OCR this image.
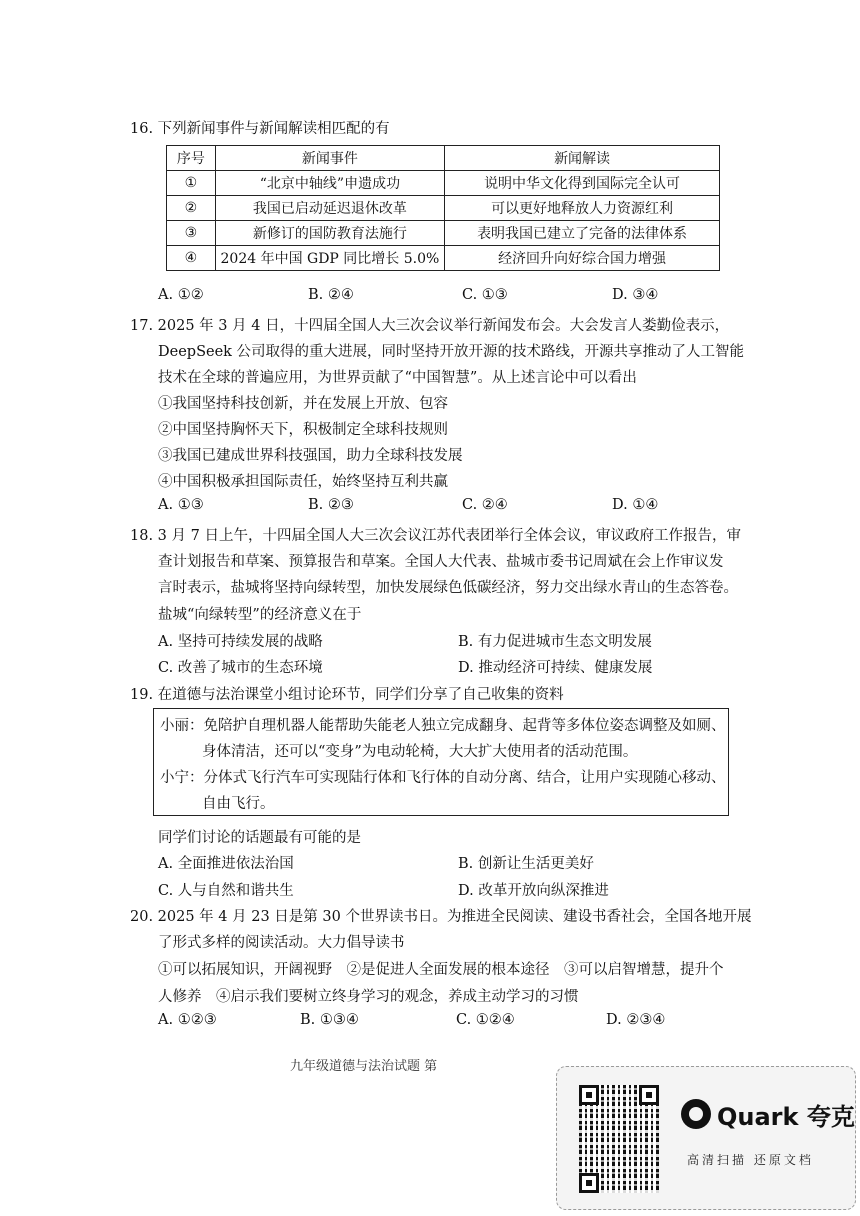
16. 下列新闻事件与新闻解读相匹配的有
序号	新闻事件	新闻解读
①	“北京中轴线”申遗成功	说明中华文化得到国际完全认可
②	我国已启动延迟退休改革	可以更好地释放人力资源红利
③	新修订的国防教育法施行	表明我国已建立了完备的法律体系
④	2024 年中国 GDP 同比增长 5.0%	经济回升向好综合国力增强
A. ①②	B. ②④	C. ①③	D. ③④
17. 2025 年 3 月 4 日，十四届全国人大三次会议举行新闻发布会。大会发言人娄勤俭表示，
DeepSeek 公司取得的重大进展，同时坚持开放开源的技术路线，开源共享推动了人工智能
技术在全球的普遍应用，为世界贡献了“中国智慧”。从上述言论中可以看出
①我国坚持科技创新，并在发展上开放、包容
②中国坚持胸怀天下，积极制定全球科技规则
③我国已建成世界科技强国，助力全球科技发展
④中国积极承担国际责任，始终坚持互利共赢
A. ①③	B. ②③	C. ②④	D. ①④
18. 3 月 7 日上午，十四届全国人大三次会议江苏代表团举行全体会议，审议政府工作报告，审
查计划报告和草案、预算报告和草案。全国人大代表、盐城市委书记周斌在会上作审议发
言时表示，盐城将坚持向绿转型，加快发展绿色低碳经济，努力交出绿水青山的生态答卷。
盐城“向绿转型”的经济意义在于
A. 坚持可持续发展的战略	B. 有力促进城市生态文明发展
C. 改善了城市的生态环境	D. 推动经济可持续、健康发展
19. 在道德与法治课堂小组讨论环节，同学们分享了自己收集的资料
小丽：免陪护自理机器人能帮助失能老人独立完成翻身、起背等多体位姿态调整及如厕、
身体清洁，还可以“变身”为电动轮椅，大大扩大使用者的活动范围。
小宁：分体式飞行汽车可实现陆行体和飞行体的自动分离、结合，让用户实现随心移动、
自由飞行。
同学们讨论的话题最有可能的是
A. 全面推进依法治国	B. 创新让生活更美好
C. 人与自然和谐共生	D. 改革开放向纵深推进
20. 2025 年 4 月 23 日是第 30 个世界读书日。为推进全民阅读、建设书香社会，全国各地开展
了形式多样的阅读活动。大力倡导读书
①可以拓展知识，开阔视野　②是促进人全面发展的根本途径　③可以启智增慧，提升个
人修养　④启示我们要树立终身学习的观念，养成主动学习的习惯
A. ①②③	B. ①③④	C. ①②④	D. ②③④
九年级道德与法治试题 第
Quark 夸克
高清扫描 还原文档
